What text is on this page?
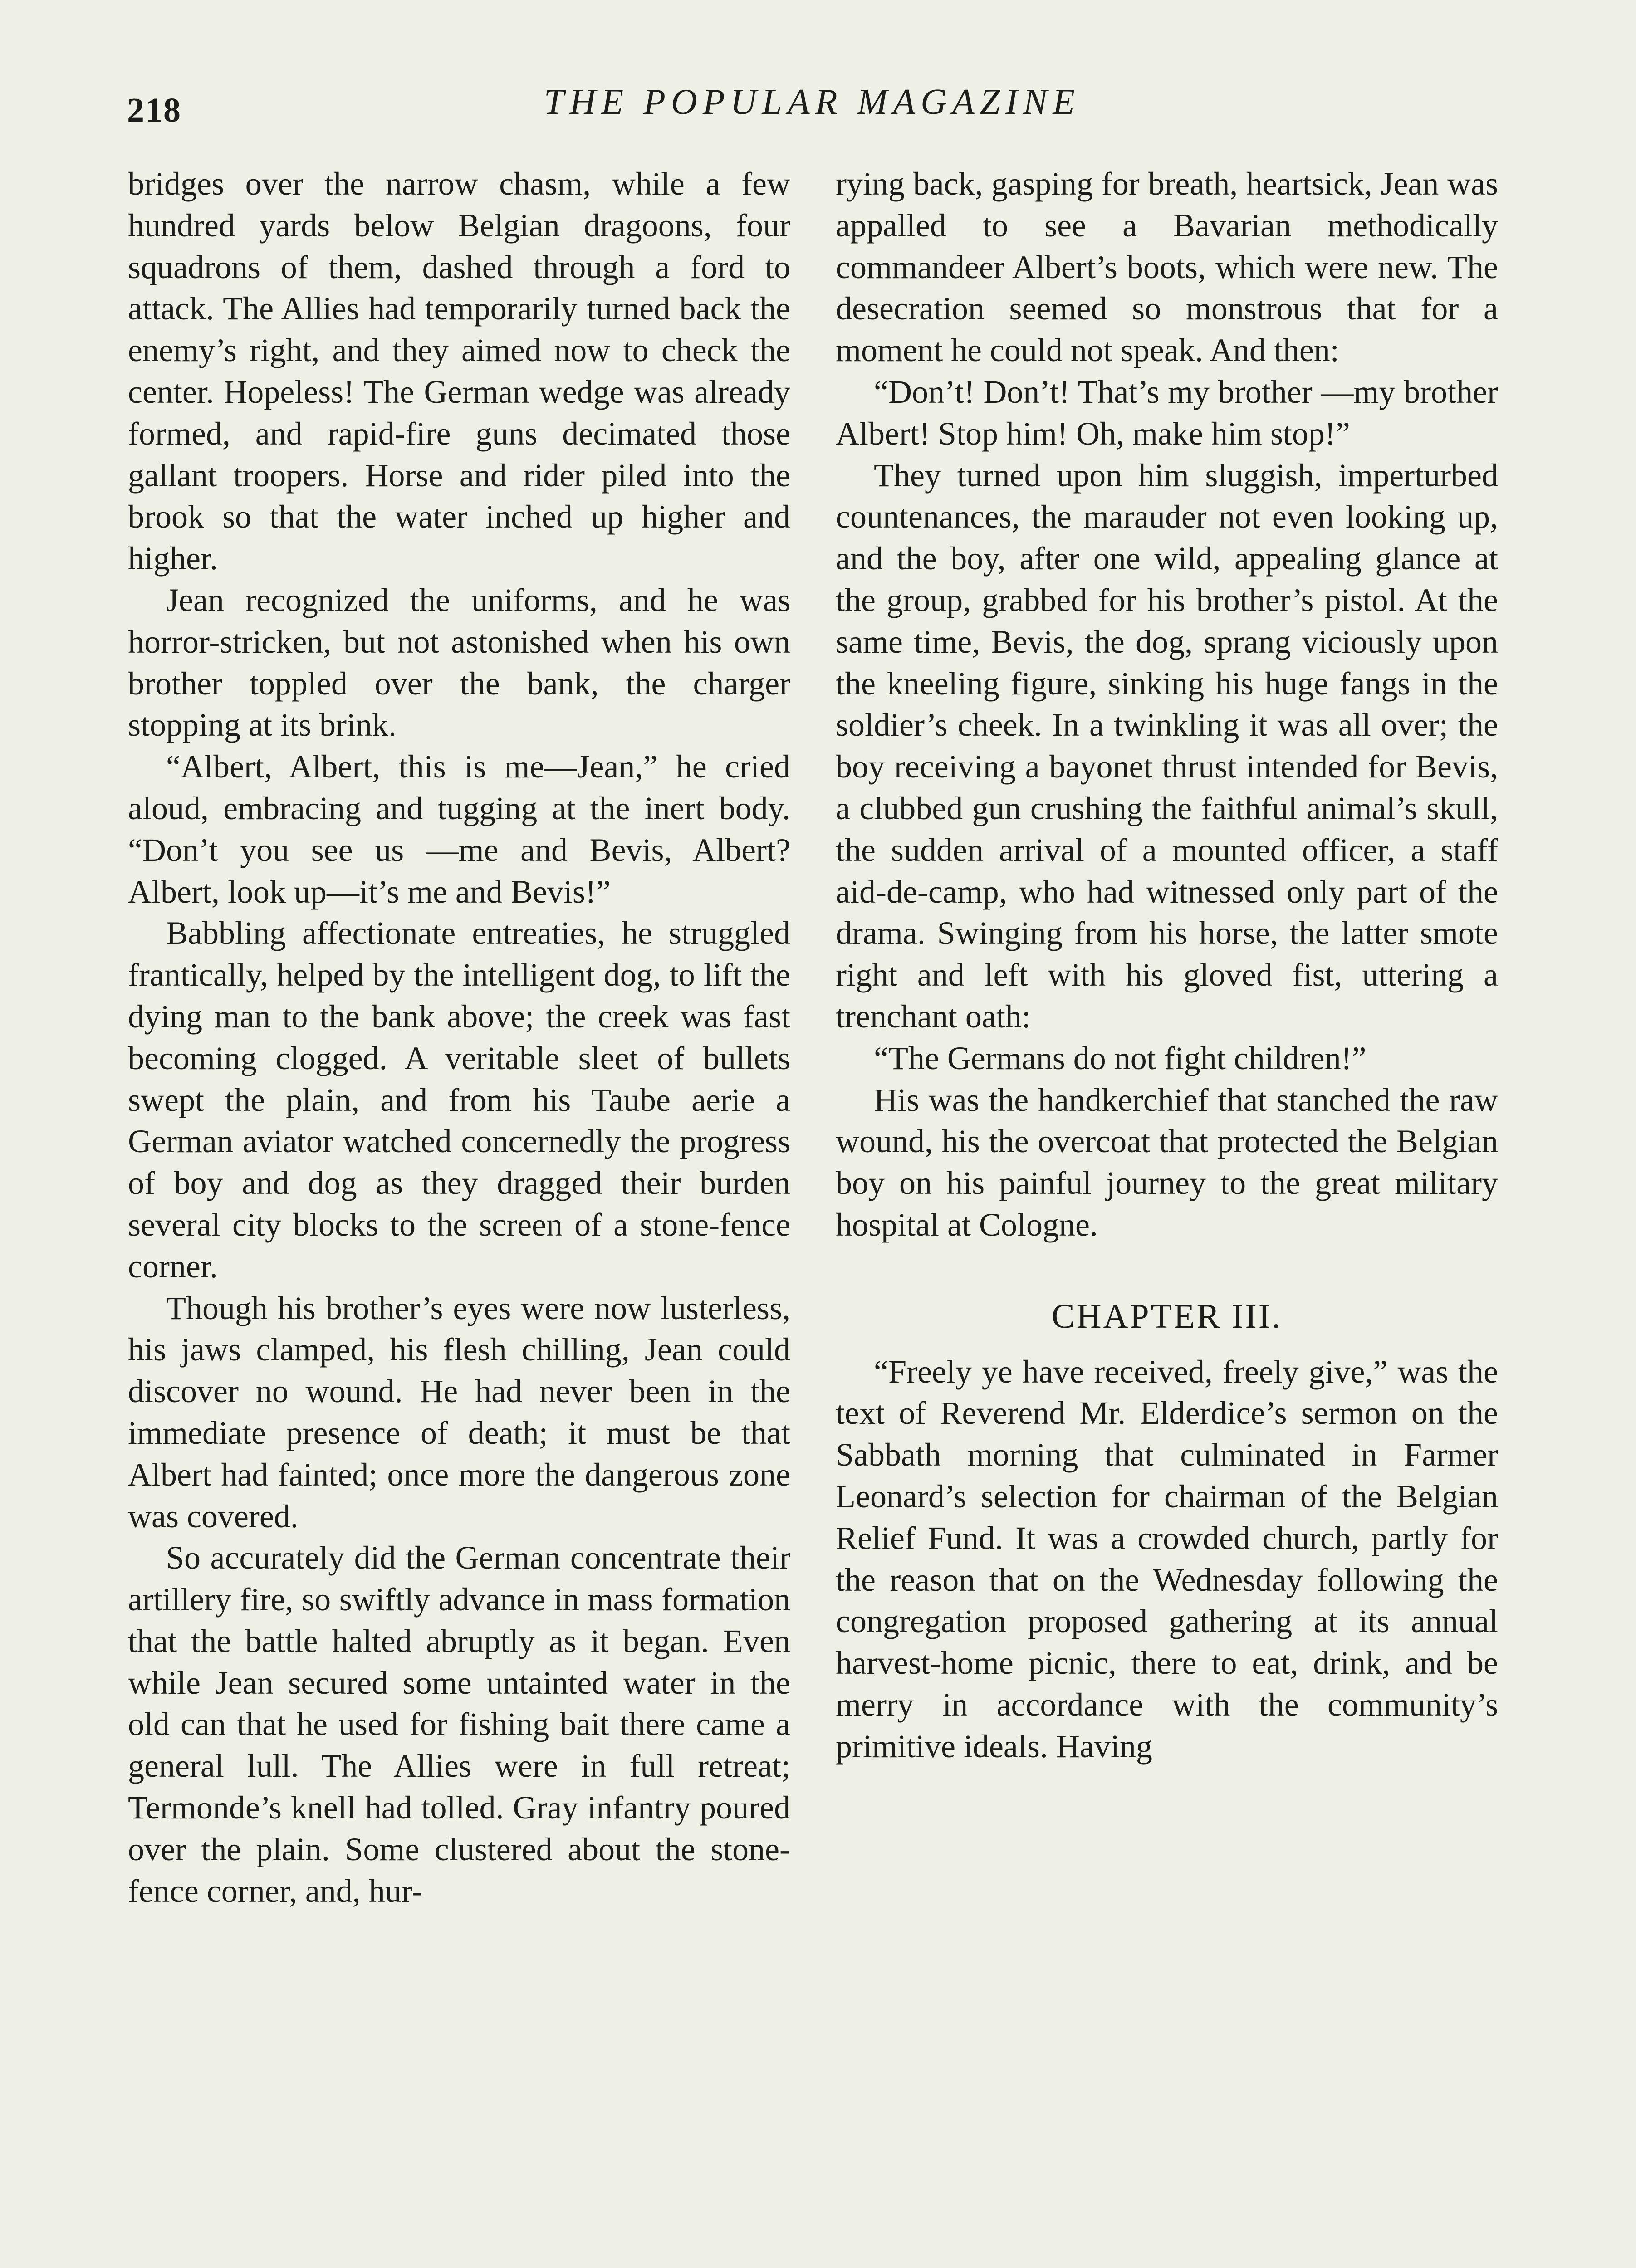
218	THE POPULAR MAGAZINE

bridges over the narrow chasm, while a few hundred yards below Belgian dragoons, four squadrons of them, dashed through a ford to attack. The Allies had temporarily turned back the enemy’s right, and they aimed now to check the center. Hopeless! The German wedge was already formed, and rapid-fire guns decimated those gallant troopers. Horse and rider piled into the brook so that the water inched up higher and higher.

Jean recognized the uniforms, and he was horror-stricken, but not astonished when his own brother toppled over the bank, the charger stopping at its brink.

“Albert, Albert, this is me—Jean,” he cried aloud, embracing and tugging at the inert body. “Don’t you see us —me and Bevis, Albert? Albert, look up—it’s me and Bevis!”

Babbling affectionate entreaties, he struggled frantically, helped by the intelligent dog, to lift the dying man to the bank above; the creek was fast becoming clogged. A veritable sleet of bullets swept the plain, and from his Taube aerie a German aviator watched concernedly the progress of boy and dog as they dragged their burden several city blocks to the screen of a stone-fence corner.

Though his brother’s eyes were now lusterless, his jaws clamped, his flesh chilling, Jean could discover no wound. He had never been in the immediate presence of death; it must be that Albert had fainted; once more the dangerous zone was covered.

So accurately did the German concentrate their artillery fire, so swiftly advance in mass formation that the battle halted abruptly as it began. Even while Jean secured some untainted water in the old can that he used for fishing bait there came a general lull. The Allies were in full retreat; Termonde’s knell had tolled. Gray infantry poured over the plain. Some clustered about the stone-fence corner, and, hur-

rying back, gasping for breath, heartsick, Jean was appalled to see a Bavarian methodically commandeer Albert’s boots, which were new. The desecration seemed so monstrous that for a moment he could not speak. And then:

“Don’t! Don’t! That’s my brother —my brother Albert! Stop him! Oh, make him stop!”

They turned upon him sluggish, imperturbed countenances, the marauder not even looking up, and the boy, after one wild, appealing glance at the group, grabbed for his brother’s pistol. At the same time, Bevis, the dog, sprang viciously upon the kneeling figure, sinking his huge fangs in the soldier’s cheek. In a twinkling it was all over; the boy receiving a bayonet thrust intended for Bevis, a clubbed gun crushing the faithful animal’s skull, the sudden arrival of a mounted officer, a staff aid-de-camp, who had witnessed only part of the drama. Swinging from his horse, the latter smote right and left with his gloved fist, uttering a trenchant oath:

“The Germans do not fight children!”

His was the handkerchief that stanched the raw wound, his the overcoat that protected the Belgian boy on his painful journey to the great military hospital at Cologne.

CHAPTER III.

“Freely ye have received, freely give,” was the text of Reverend Mr. Elderdice’s sermon on the Sabbath morning that culminated in Farmer Leonard’s selection for chairman of the Belgian Relief Fund. It was a crowded church, partly for the reason that on the Wednesday following the congregation proposed gathering at its annual harvest-home picnic, there to eat, drink, and be merry in accordance with the community’s primitive ideals. Having
